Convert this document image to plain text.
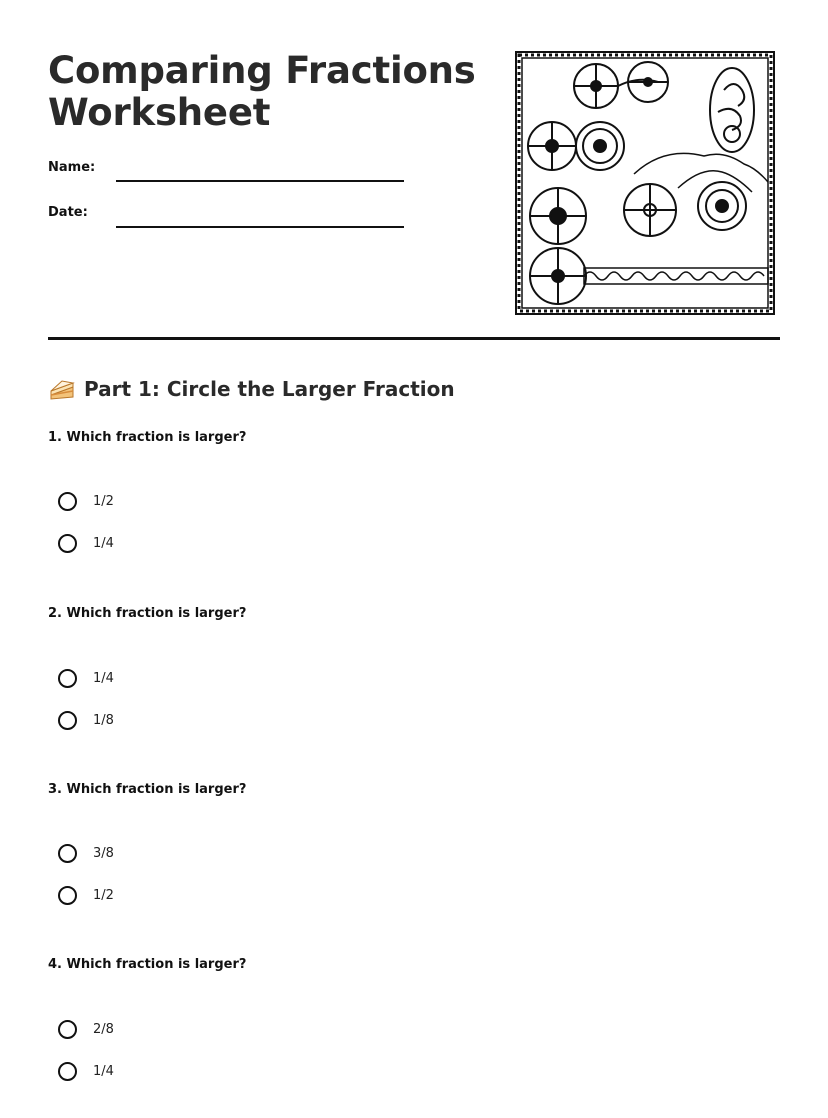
Comparing Fractions
Worksheet
Name:
Date:
Part 1: Circle the Larger Fraction

1. Which fraction is larger?

1/2
1/4

2. Which fraction is larger?

1/4
1/8

3. Which fraction is larger?

3/8
1/2

4. Which fraction is larger?

2/8
1/4
